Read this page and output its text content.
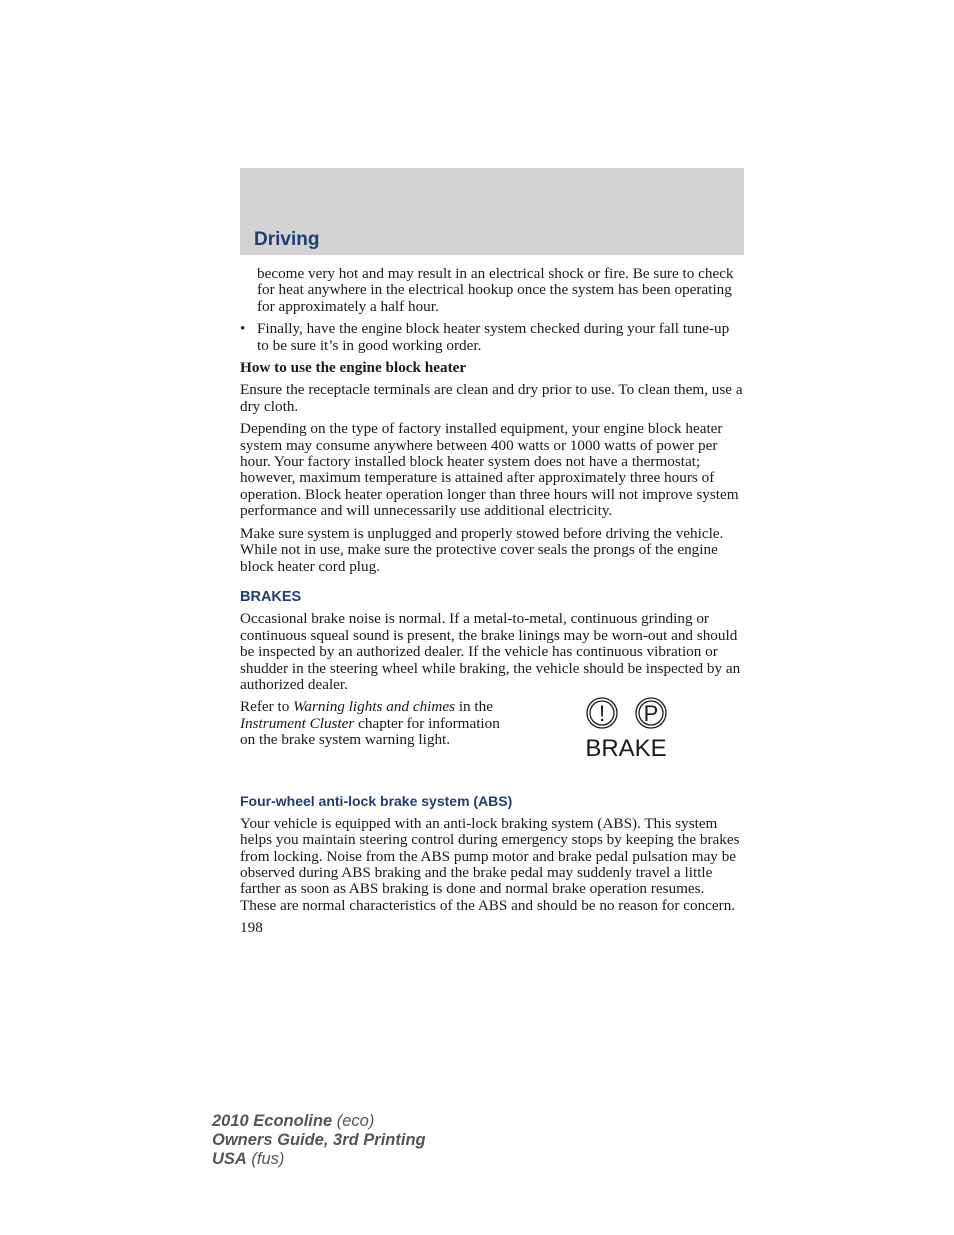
Driving

become very hot and may result in an electrical shock or fire. Be sure to check for heat anywhere in the electrical hookup once the system has been operating for approximately a half hour.

• Finally, have the engine block heater system checked during your fall tune-up to be sure it’s in good working order.

How to use the engine block heater

Ensure the receptacle terminals are clean and dry prior to use. To clean them, use a dry cloth.

Depending on the type of factory installed equipment, your engine block heater system may consume anywhere between 400 watts or 1000 watts of power per hour. Your factory installed block heater system does not have a thermostat; however, maximum temperature is attained after approximately three hours of operation. Block heater operation longer than three hours will not improve system performance and will unnecessarily use additional electricity.

Make sure system is unplugged and properly stowed before driving the vehicle. While not in use, make sure the protective cover seals the prongs of the engine block heater cord plug.

BRAKES

Occasional brake noise is normal. If a metal-to-metal, continuous grinding or continuous squeal sound is present, the brake linings may be worn-out and should be inspected by an authorized dealer. If the vehicle has continuous vibration or shudder in the steering wheel while braking, the vehicle should be inspected by an authorized dealer.

Refer to Warning lights and chimes in the Instrument Cluster chapter for information on the brake system warning light.
! P
BRAKE
Four-wheel anti-lock brake system (ABS)

Your vehicle is equipped with an anti-lock braking system (ABS). This system helps you maintain steering control during emergency stops by keeping the brakes from locking. Noise from the ABS pump motor and brake pedal pulsation may be observed during ABS braking and the brake pedal may suddenly travel a little farther as soon as ABS braking is done and normal brake operation resumes. These are normal characteristics of the ABS and should be no reason for concern.

198
2010 Econoline (eco)
Owners Guide, 3rd Printing
USA (fus)
